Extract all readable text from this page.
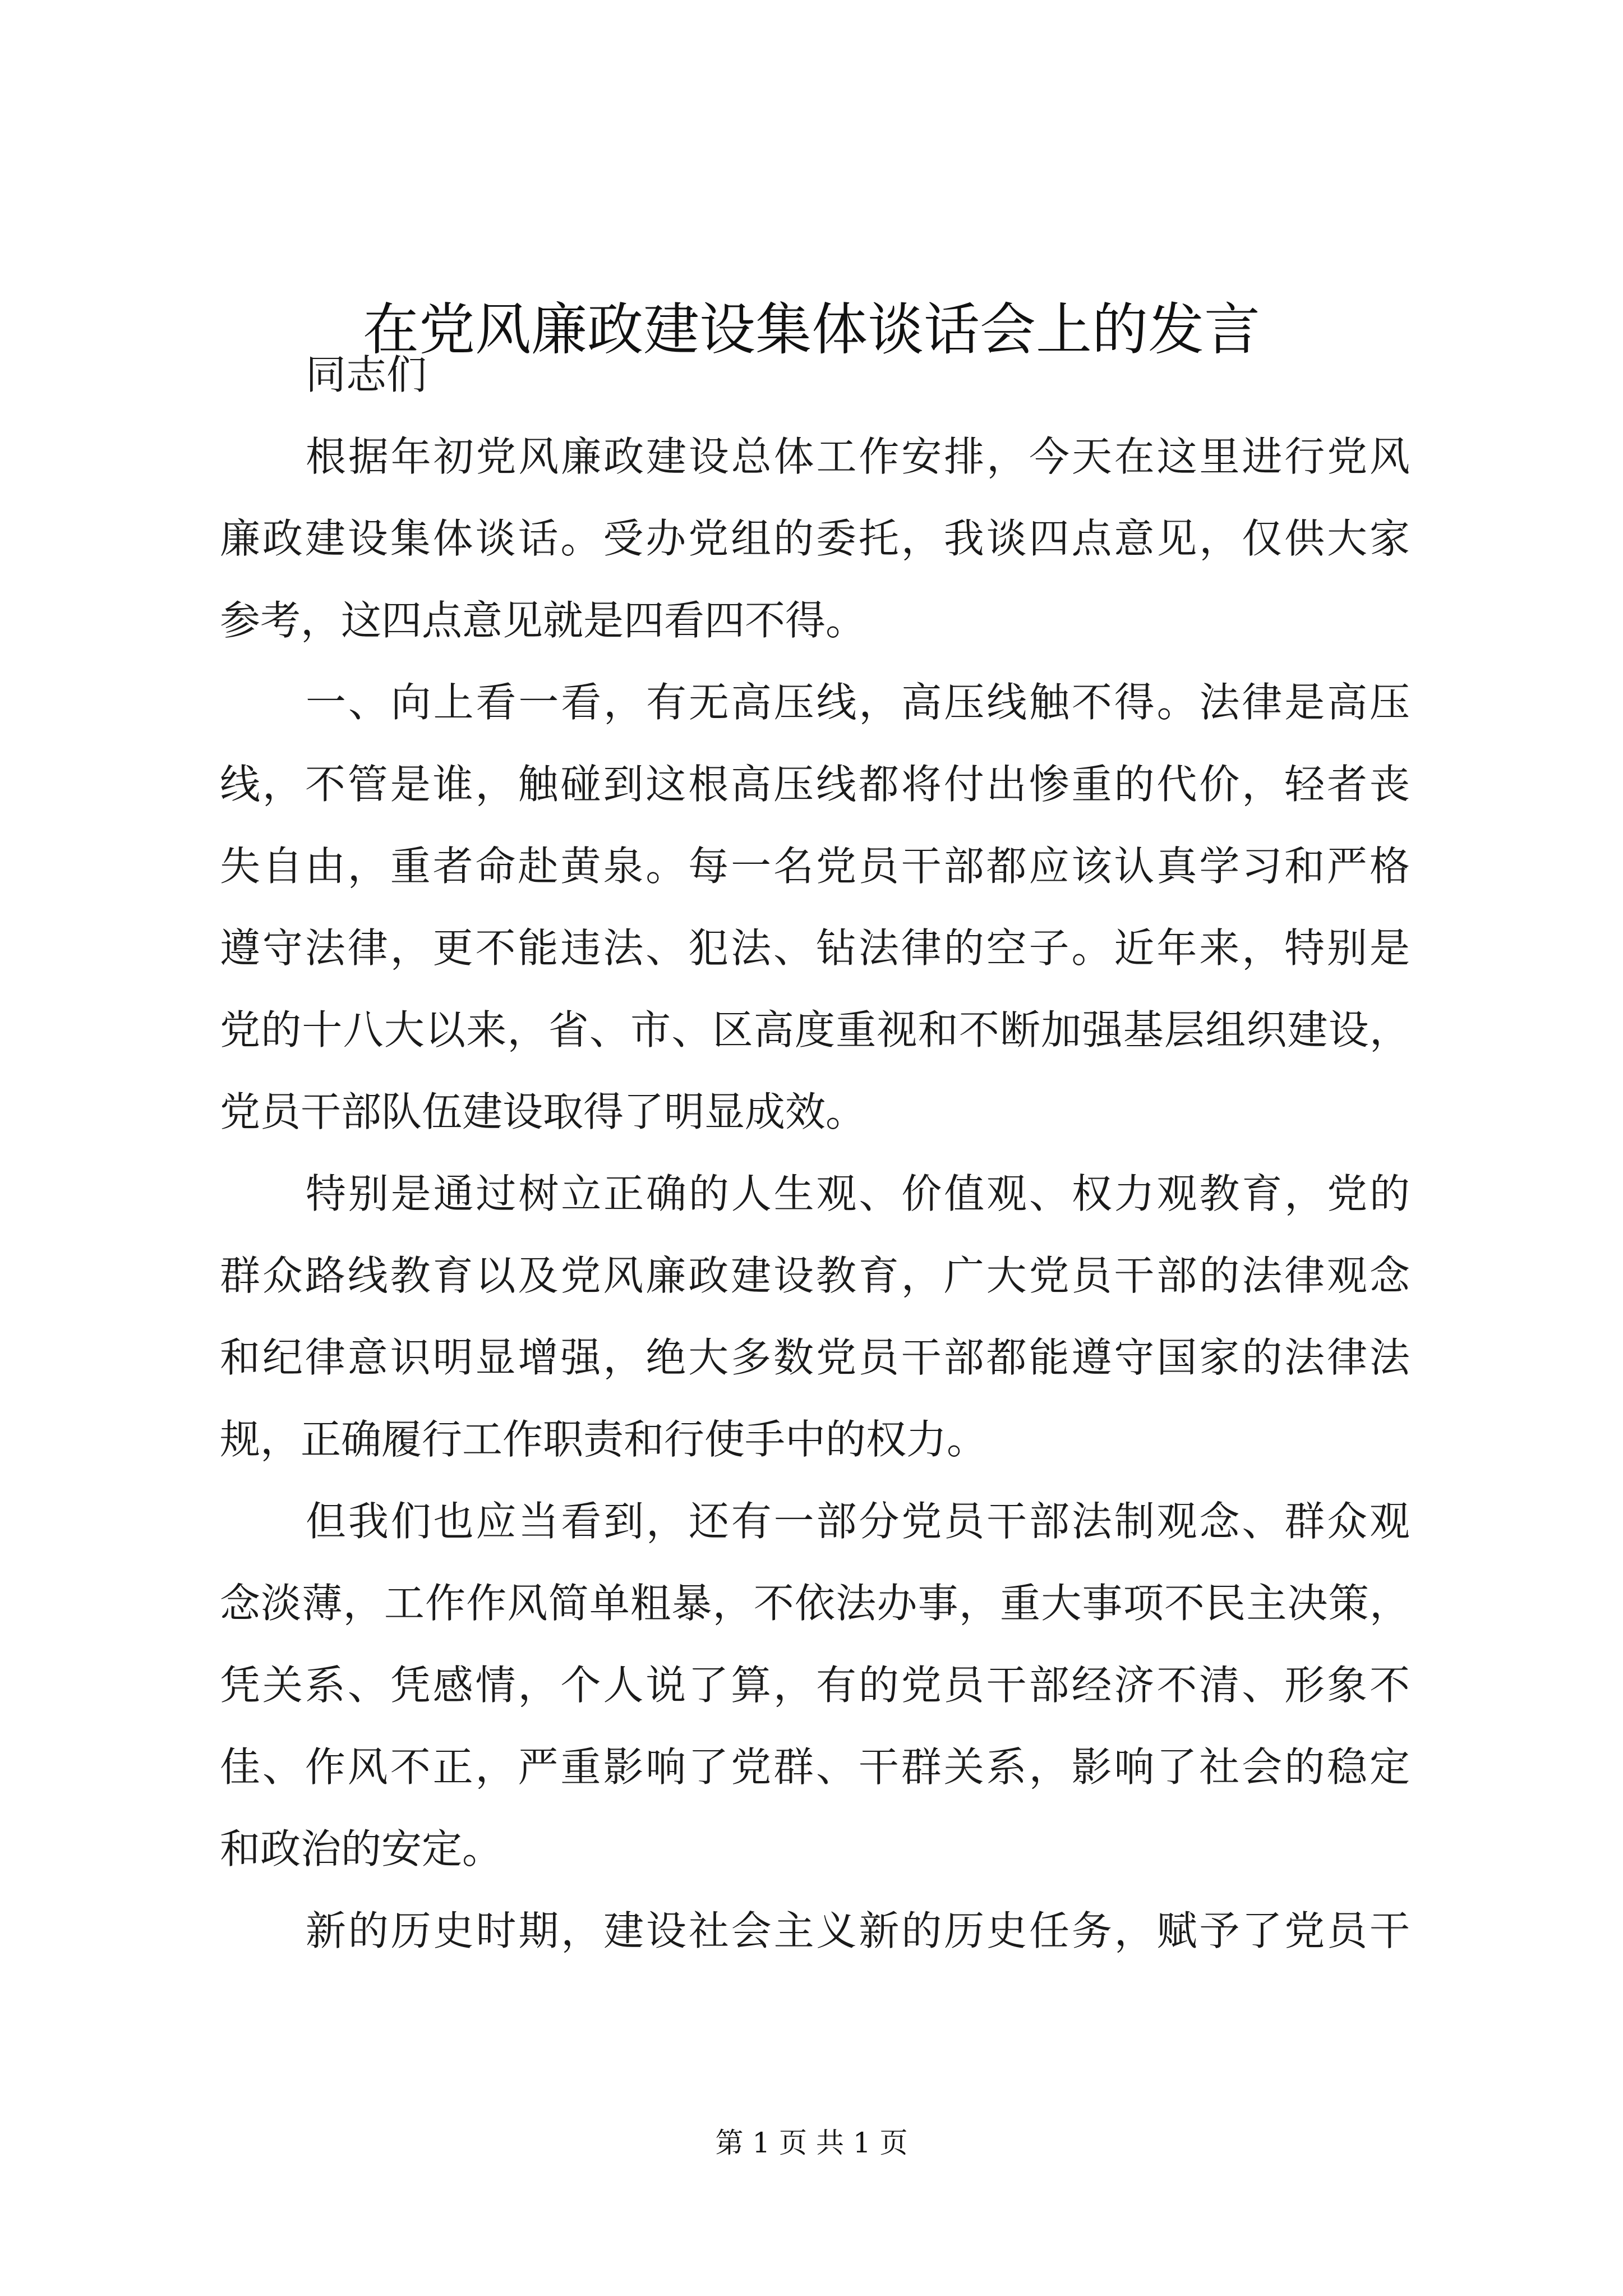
在党风廉政建设集体谈话会上的发言
同志们
根据年初党风廉政建设总体工作安排，今天在这里进行党风
廉政建设集体谈话。受办党组的委托，我谈四点意见，仅供大家
参考，这四点意见就是四看四不得。
一、向上看一看，有无高压线，高压线触不得。法律是高压
线，不管是谁，触碰到这根高压线都将付出惨重的代价，轻者丧
失自由，重者命赴黄泉。每一名党员干部都应该认真学习和严格
遵守法律，更不能违法、犯法、钻法律的空子。近年来，特别是
党的十八大以来，省、市、区高度重视和不断加强基层组织建设，
党员干部队伍建设取得了明显成效。
特别是通过树立正确的人生观、价值观、权力观教育，党的
群众路线教育以及党风廉政建设教育，广大党员干部的法律观念
和纪律意识明显增强，绝大多数党员干部都能遵守国家的法律法
规，正确履行工作职责和行使手中的权力。
但我们也应当看到，还有一部分党员干部法制观念、群众观
念淡薄，工作作风简单粗暴，不依法办事，重大事项不民主决策，
凭关系、凭感情，个人说了算，有的党员干部经济不清、形象不
佳、作风不正，严重影响了党群、干群关系，影响了社会的稳定
和政治的安定。
新的历史时期，建设社会主义新的历史任务，赋予了党员干
第 1 页 共 1 页
